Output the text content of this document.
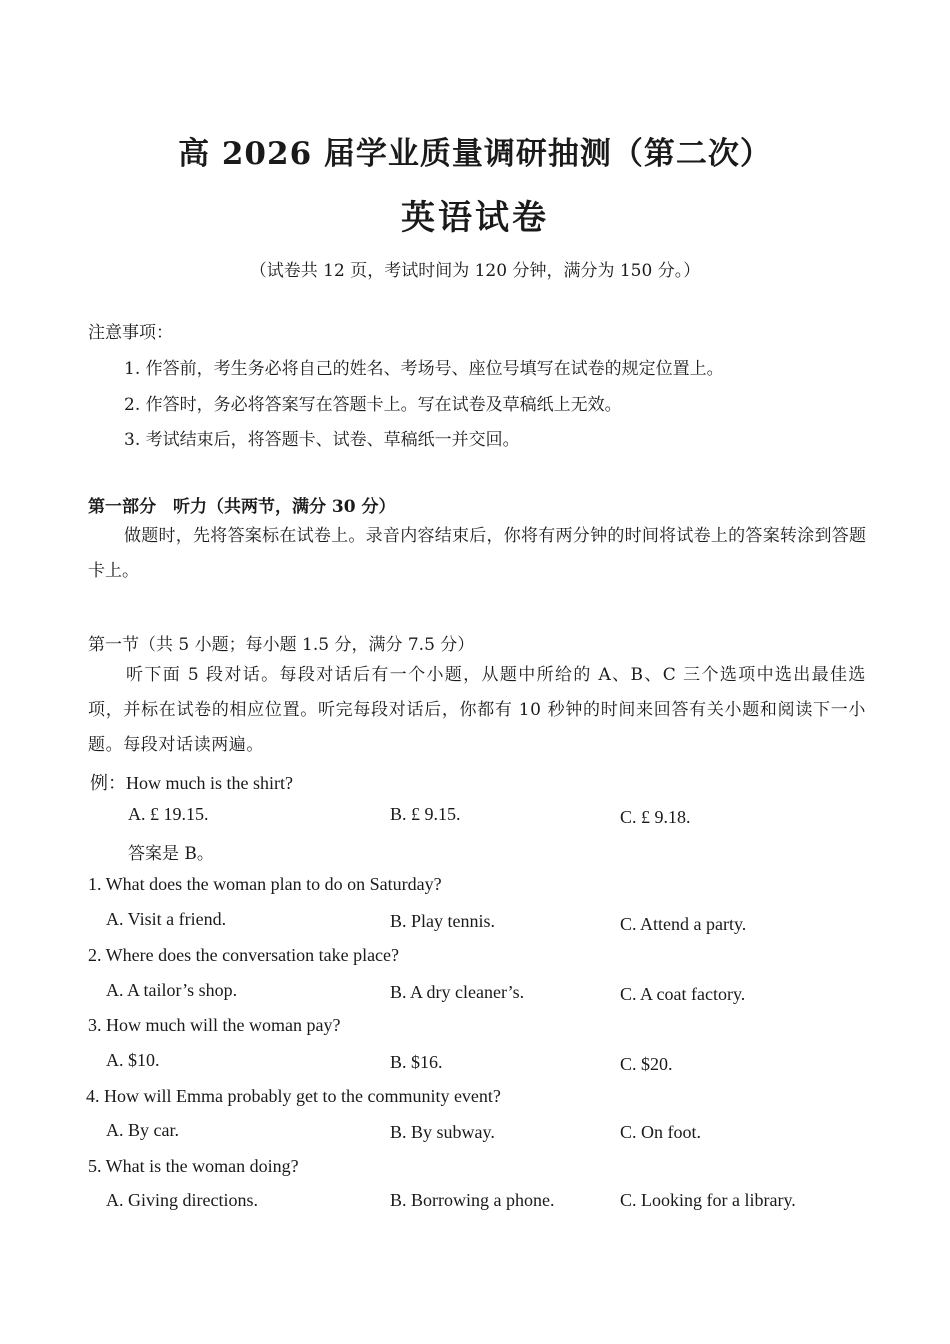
高 2026 届学业质量调研抽测（第二次）
英语试卷
（试卷共 12 页，考试时间为 120 分钟，满分为 150 分。）
注意事项：
1. 作答前，考生务必将自己的姓名、考场号、座位号填写在试卷的规定位置上。
2. 作答时，务必将答案写在答题卡上。写在试卷及草稿纸上无效。
3. 考试结束后，将答题卡、试卷、草稿纸一并交回。
第一部分　听力（共两节，满分 30 分）
做题时，先将答案标在试卷上。录音内容结束后，你将有两分钟的时间将试卷上的答案转涂到答题卡上。
第一节（共 5 小题；每小题 1.5 分，满分 7.5 分）
听下面 5 段对话。每段对话后有一个小题，从题中所给的 A、B、C 三个选项中选出最佳选项，并标在试卷的相应位置。听完每段对话后，你都有 10 秒钟的时间来回答有关小题和阅读下一小题。每段对话读两遍。
例：How much is the shirt?
A. £ 19.15.	B. £ 9.15.	C. £ 9.18.
答案是 B。
1. What does the woman plan to do on Saturday?
A. Visit a friend.	B. Play tennis.	C. Attend a party.
2. Where does the conversation take place?
A. A tailor’s shop.	B. A dry cleaner’s.	C. A coat factory.
3. How much will the woman pay?
A. $10.	B. $16.	C. $20.
4. How will Emma probably get to the community event?
A. By car.	B. By subway.	C. On foot.
5. What is the woman doing?
A. Giving directions.	B. Borrowing a phone.	C. Looking for a library.
